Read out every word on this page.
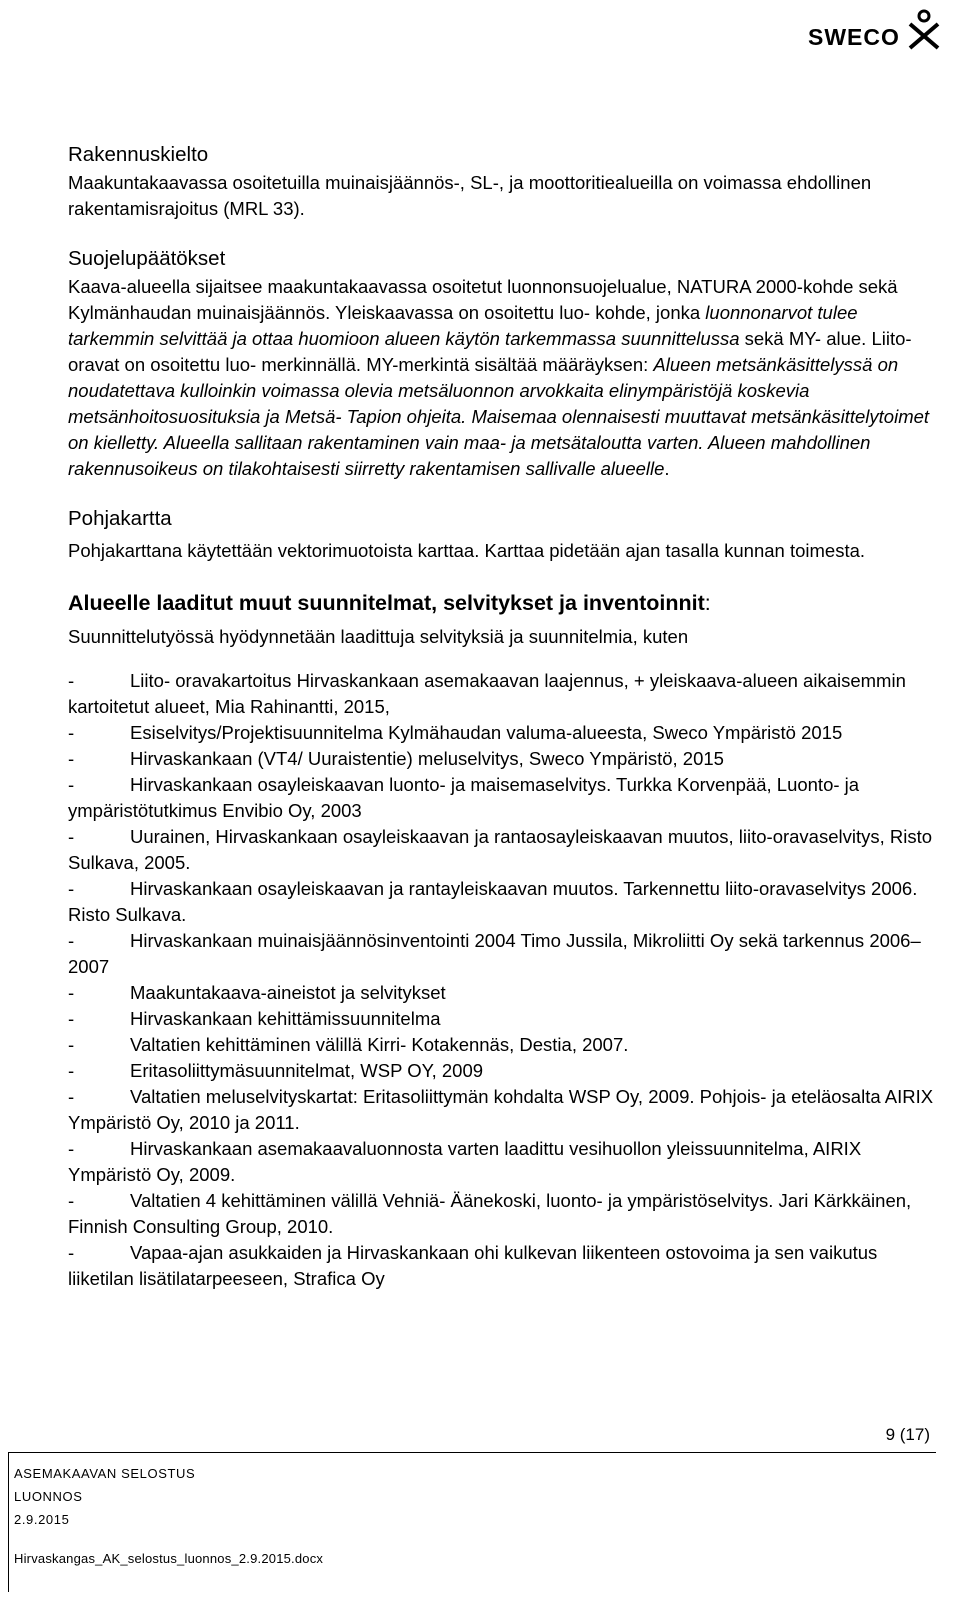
SWECO
Rakennuskielto

Maakuntakaavassa osoitetuilla muinaisjäännös-, SL-, ja moottoritiealueilla on voimassa ehdollinen rakentamisrajoitus (MRL 33).

Suojelupäätökset

Kaava-alueella sijaitsee maakuntakaavassa osoitetut luonnonsuojelualue, NATURA 2000-kohde sekä Kylmänhaudan muinaisjäännös. Yleiskaavassa on osoitettu luo- kohde, jonka luonnonarvot tulee tarkemmin selvittää ja ottaa huomioon alueen käytön tarkemmassa suunnittelussa sekä MY- alue. Liito-oravat on osoitettu luo- merkinnällä. MY-merkintä sisältää määräyksen: Alueen metsänkäsittelyssä on noudatettava kulloinkin voimassa olevia metsäluonnon arvokkaita elinympäristöjä koskevia metsänhoitosuosituksia ja Metsä- Tapion ohjeita. Maisemaa olennaisesti muuttavat metsänkäsittelytoimet on kielletty. Alueella sallitaan rakentaminen vain maa- ja metsätaloutta varten. Alueen mahdollinen rakennusoikeus on tilakohtaisesti siirretty rakentamisen sallivalle alueelle.

Pohjakartta

Pohjakarttana käytettään vektorimuotoista karttaa. Karttaa pidetään ajan tasalla kunnan toimesta.

Alueelle laaditut muut suunnitelmat, selvitykset ja inventoinnit:

Suunnittelutyössä hyödynnetään laadittuja selvityksiä ja suunnitelmia, kuten

-	Liito- oravakartoitus Hirvaskankaan asemakaavan laajennus, + yleiskaava-alueen aikaisemmin kartoitetut alueet, Mia Rahinantti, 2015,
-	Esiselvitys/Projektisuunnitelma Kylmähaudan valuma-alueesta, Sweco Ympäristö 2015
-	Hirvaskankaan (VT4/ Uuraistentie) meluselvitys, Sweco Ympäristö, 2015
-	Hirvaskankaan osayleiskaavan luonto- ja maisemaselvitys. Turkka Korvenpää, Luonto- ja ympäristötutkimus Envibio Oy, 2003
-	Uurainen, Hirvaskankaan osayleiskaavan ja rantaosayleiskaavan muutos, liito-oravaselvitys, Risto Sulkava, 2005.
-	Hirvaskankaan osayleiskaavan ja rantayleiskaavan muutos. Tarkennettu liito-oravaselvitys 2006. Risto Sulkava.
-	Hirvaskankaan muinaisjäännösinventointi 2004 Timo Jussila, Mikroliitti Oy sekä tarkennus 2006–2007
-	Maakuntakaava-aineistot ja selvitykset
-	Hirvaskankaan kehittämissuunnitelma
-	Valtatien kehittäminen välillä Kirri- Kotakennäs, Destia, 2007.
-	Eritasoliittymäsuunnitelmat, WSP OY, 2009
-	Valtatien meluselvityskartat: Eritasoliittymän kohdalta WSP Oy, 2009. Pohjois- ja eteläosalta AIRIX Ympäristö Oy, 2010 ja 2011.
-	Hirvaskankaan asemakaavaluonnosta varten laadittu vesihuollon yleissuunnitelma, AIRIX Ympäristö Oy, 2009.
-	Valtatien 4 kehittäminen välillä Vehniä- Äänekoski, luonto- ja ympäristöselvitys. Jari Kärkkäinen, Finnish Consulting Group, 2010.
-	Vapaa-ajan asukkaiden ja Hirvaskankaan ohi kulkevan liikenteen ostovoima ja sen vaikutus liiketilan lisätilatarpeeseen, Strafica Oy
9 (17)
ASEMAKAAVAN SELOSTUS
LUONNOS
2.9.2015
Hirvaskangas_AK_selostus_luonnos_2.9.2015.docx
